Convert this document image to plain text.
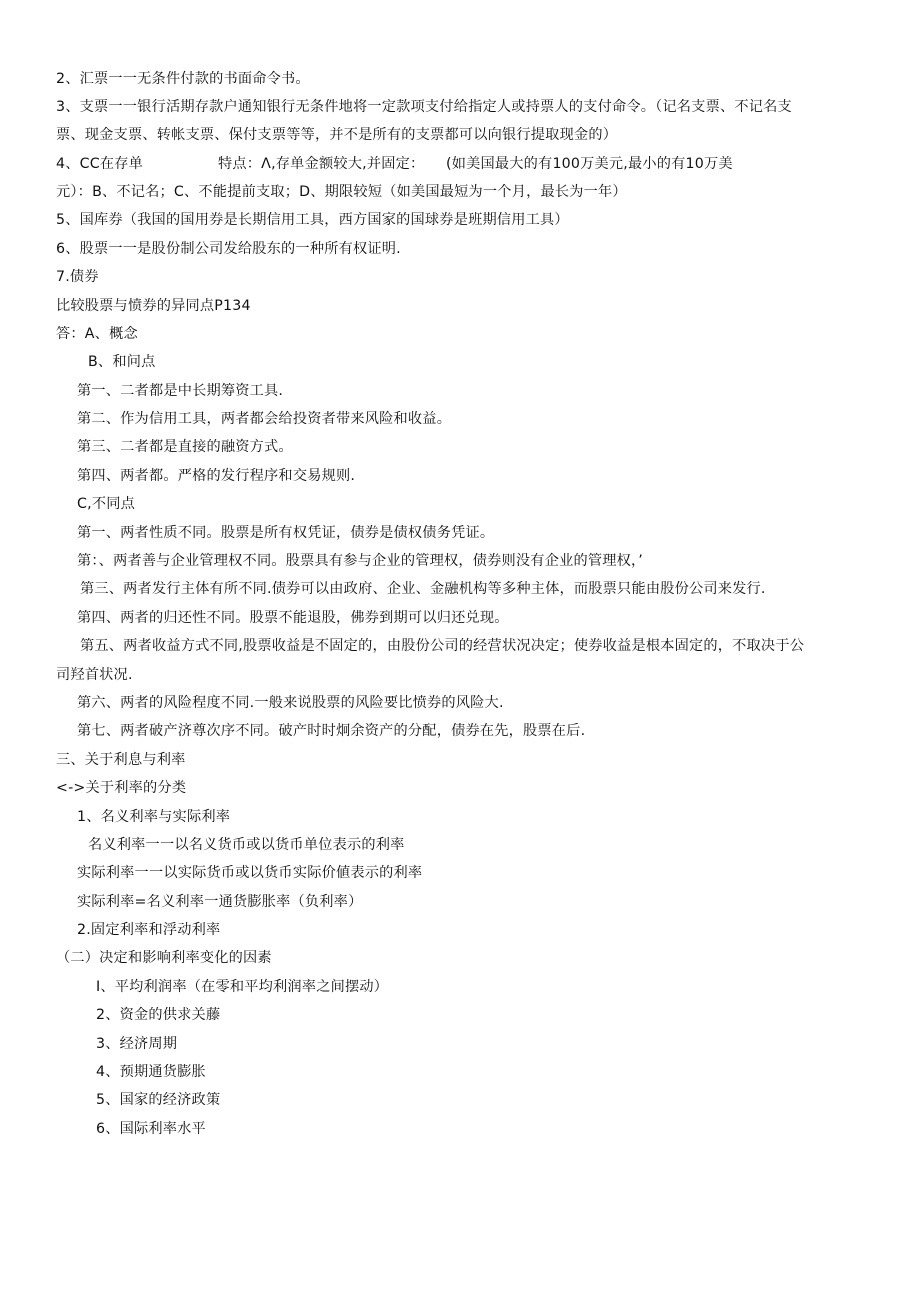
2、汇票一一无条件付款的书面命令书。
3、支票一一银行活期存款户通知银行无条件地将一定款项支付给指定人或持票人的支付命令。（记名支票、不记名支
票、现金支票、转帐支票、保付支票等等，并不是所有的支票都可以向银行提取现金的）
4、CC在存单	特点：Λ,存单金额较大,并固定： (如美国最大的有100万美元,最小的有10万美
元）：B、不记名；C、不能提前支取；D、期限较短（如美国最短为一个月，最长为一年）
5、国库券（我国的国用券是长期信用工具，西方国家的国球券是班期信用工具）
6、股票一一是股份制公司发给股东的一种所有权证明.
7.债券
比较股票与愤券的异同点P134
答：A、概念
B、和问点
第一、二者都是中长期筹资工具.
第二、作为信用工具，两者都会给投资者带来风险和收益。
第三、二者都是直接的融资方式。
第四、两者都。严格的发行程序和交易规则.
C,不同点
第一、两者性质不同。股票是所有权凭证，债券是债权债务凭证。
第：、两者善与企业管理权不同。股票具有参与企业的管理权，债券则没有企业的管理权，’
第三、两者发行主体有所不同.债券可以由政府、企业、金融机构等多种主体，而股票只能由股份公司来发行.
第四、两者的归还性不同。股票不能退股，佛券到期可以归还兑现。
第五、两者收益方式不同,股票收益是不固定的，由股份公司的经营状况决定；使券收益是根本固定的，不取决于公
司羟首状况.
第六、两者的风险程度不同.一般来说股票的风险要比愤券的风险大.
第七、两者破产济尊次序不同。破产时时炯余资产的分配，债券在先，股票在后.
三、关于利息与利率
<->关于利率的分类
1、名义利率与实际利率
名义利率一一以名义货币或以货币单位表示的利率
实际利率一一以实际货币或以货币实际价値表示的利率
实际利率=名义利率一通货膨胀率（负利率）
2.固定利率和浮动利率
（二）决定和影响利率变化的因素
I、平均利润率（在零和平均利润率之间摆动）
2、资金的供求关藤
3、经济周期
4、预期通货膨胀
5、国家的经济政策
6、国际利率水平
